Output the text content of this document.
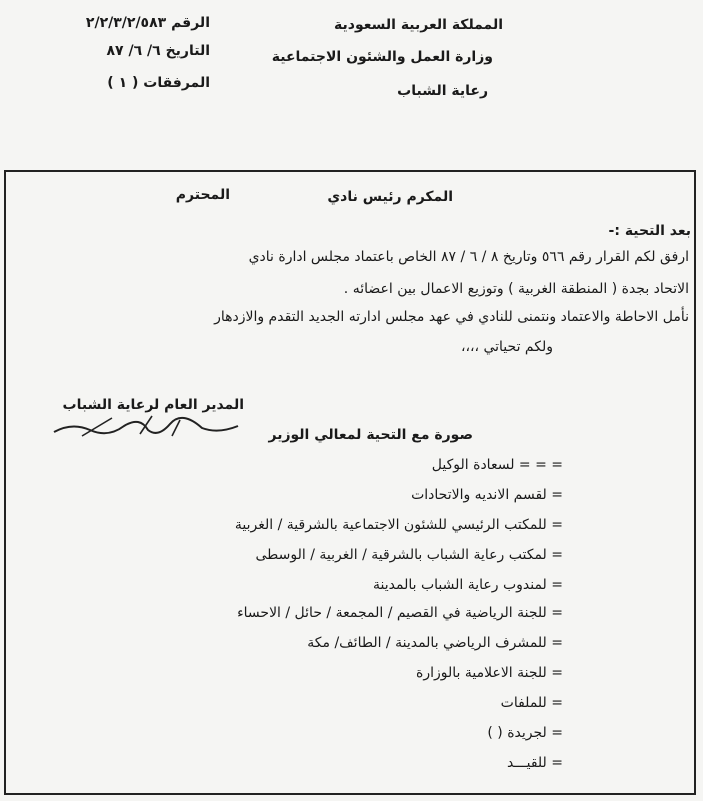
الرقم ٢/٢/٣/٢/٥٨٣
التاريخ ٦/ ٦/ ٨٧
المرفقات ( ١ )
المملكة العربية السعودية
وزارة العمل والشئون الاجتماعية
رعاية الشباب
المكرم رئيس نادي
المحترم
بعد التحية :-
ارفق لكم القرار رقم ٥٦٦ وتاريخ ٨ / ٦ / ٨٧ الخاص باعتماد مجلس ادارة نادي
الاتحاد بجدة ( المنطقة الغربية ) وتوزيع الاعمال بين اعضائه .
نأمل الاحاطة والاعتماد ونتمنى للنادي في عهد مجلس ادارته الجديد التقدم والازدهار
ولكم تحياتي ،،،،
المدير العام لرعاية الشباب
صورة مع التحية لمعالي الوزير
= = = لسعادة الوكيل
= لقسم الانديه والاتحادات
= للمكتب الرئيسي للشئون الاجتماعية بالشرقية / الغربية
= لمكتب رعاية الشباب بالشرقية / الغربية / الوسطى
= لمندوب رعاية الشباب بالمدينة
= للجنة الرياضية في القصيم / المجمعة / حائل / الاحساء
= للمشرف الرياضي بالمدينة / الطائف/ مكة
= للجنة الاعلامية بالوزارة
= للملفات
= لجريدة ( )
= للقيـــد
